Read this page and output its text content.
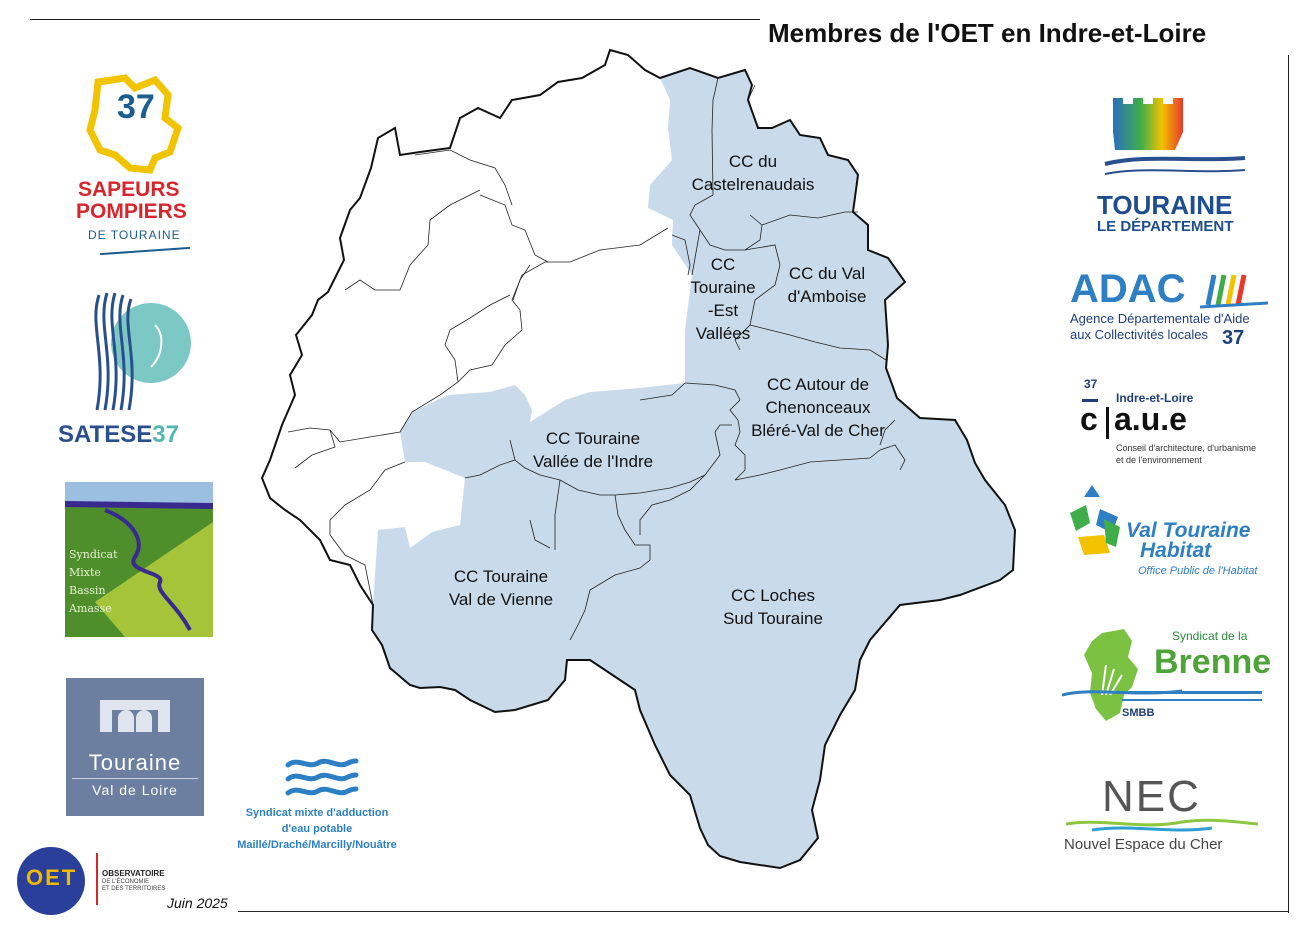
Membres de l'OET en Indre-et-Loire
CC du
Castelrenaudais
CC du Val
d'Amboise
CC
Touraine
-Est
Vallées
CC Autour de
Chenonceaux
Bléré-Val de Cher
CC Touraine
Vallée de l'Indre
CC Touraine
Val de Vienne	CC Loches
Sud Touraine
37
SAPEURS
POMPIERS
DE TOURAINE
SATESE37
Syndicat
Mixte
Bassin
Amasse
Touraine
Val de Loire
OET	OBSERVATOIRE
DE L'ÉCONOMIE
ET DES TERRITOIRES
Juin 2025
Syndicat mixte d'adduction
d'eau potable
Maillé/Draché/Marcilly/Nouâtre
TOURAINE
LE DÉPARTEMENT
ADAC
Agence Départementale d'Aide
aux Collectivités locales 37
37
Indre-et-Loire
c a.u.e
Conseil d'architecture, d'urbanisme
et de l'environnement
Val Touraine
Habitat
Office Public de l'Habitat
Syndicat de la
Brenne
SMBB
NEC
Nouvel Espace du Cher
